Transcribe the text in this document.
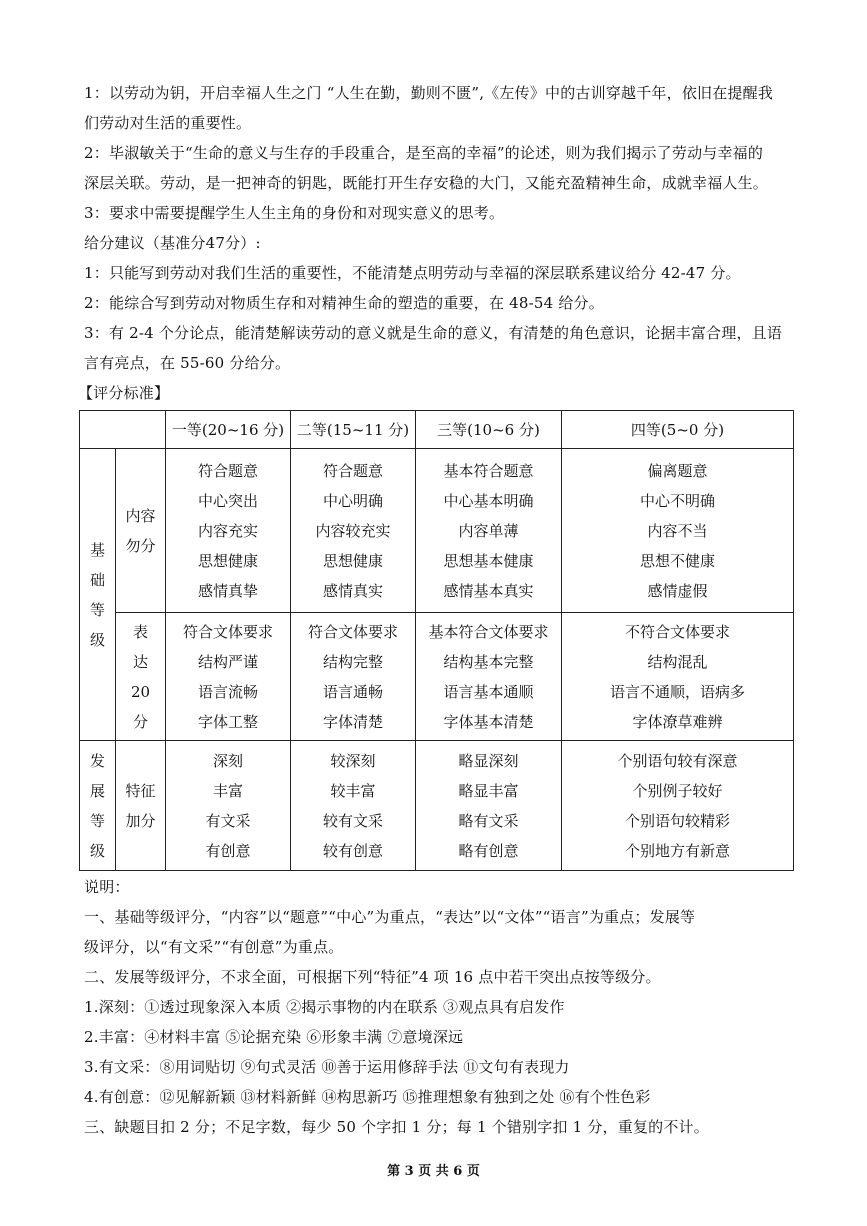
1：以劳动为钥，开启幸福人生之门 “人生在勤，勤则不匮”,《左传》中的古训穿越千年，依旧在提醒我
们劳动对生活的重要性。
2：毕淑敏关于“生命的意义与生存的手段重合，是至高的幸福”的论述，则为我们揭示了劳动与幸福的
深层关联。劳动，是一把神奇的钥匙，既能打开生存安稳的大门，又能充盈精神生命，成就幸福人生。
3：要求中需要提醒学生人生主角的身份和对现实意义的思考。
给分建议（基准分47分）:
1：只能写到劳动对我们生活的重要性，不能清楚点明劳动与幸福的深层联系建议给分 42-47 分。
2：能综合写到劳动对物质生存和对精神生命的塑造的重要，在 48-54 给分。
3：有 2-4 个分论点，能清楚解读劳动的意义就是生命的意义，有清楚的角色意识，论据丰富合理，且语
言有亮点，在 55-60 分给分。
【评分标准】
		一等(20~16 分)	二等(15~11 分)	三等(10~6 分)	四等(5~0 分)

基
础
等
级	内容
勿分	符合题意
中心突出
内容充实
思想健康
感情真挚	符合题意
中心明确
内容较充实
思想健康
感情真实	基本符合题意
中心基本明确
内容单薄
思想基本健康
感情基本真实	偏离题意
中心不明确
内容不当
思想不健康
感情虚假

	表
达
20
分	符合文体要求
结构严谨
语言流畅
字体工整	符合文体要求
结构完整
语言通畅
字体清楚	基本符合文体要求
结构基本完整
语言基本通顺
字体基本清楚	不符合文体要求
结构混乱
语言不通顺，语病多
字体潦草难辨

发
展
等
级	特征
加分	深刻
丰富
有文采
有创意	较深刻
较丰富
较有文采
较有创意	略显深刻
略显丰富
略有文采
略有创意	个别语句较有深意
个别例子较好
个别语句较精彩
个别地方有新意
说明：
一、基础等级评分，“内容”以“题意”“中心”为重点，“表达”以“文体”“语言”为重点；发展等
级评分，以“有文采”“有创意”为重点。
二、发展等级评分，不求全面，可根据下列“特征”4 项 16 点中若干突出点按等级分。
1.深刻：①透过现象深入本质 ②揭示事物的内在联系 ③观点具有启发作
2.丰富：④材料丰富 ⑤论据充染 ⑥形象丰满 ⑦意境深远
3.有文采：⑧用词贴切 ⑨句式灵活 ⑩善于运用修辞手法 ⑪文句有表现力
4.有创意：⑫见解新颖 ⑬材料新鲜 ⑭构思新巧 ⑮推理想象有独到之处 ⑯有个性色彩
三、缺题目扣 2 分；不足字数，每少 50 个字扣 1 分；每 1 个错别字扣 1 分，重复的不计。
第 3 页 共 6 页
